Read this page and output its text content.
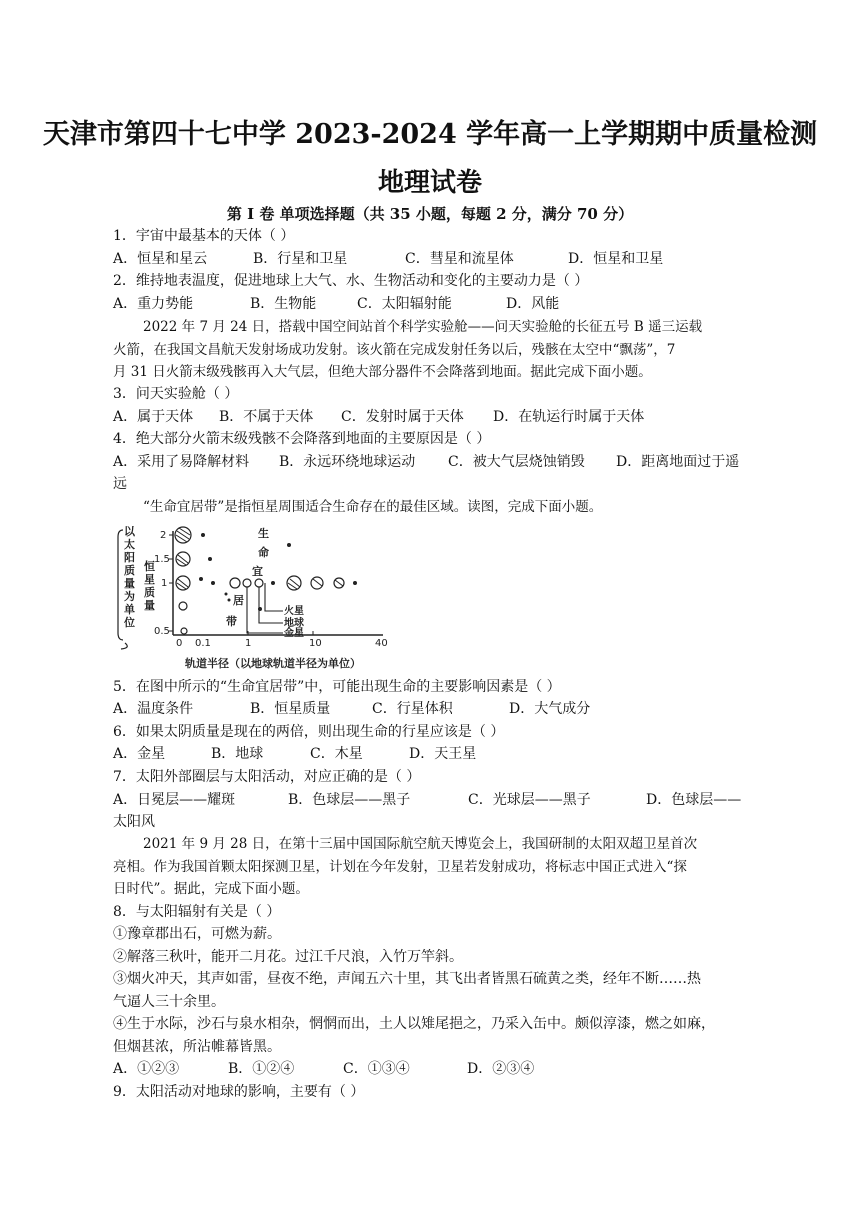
天津市第四十七中学 2023-2024 学年高一上学期期中质量检测
地理试卷
第 I 卷 单项选择题（共 35 小题，每题 2 分，满分 70 分）
1．宇宙中最基本的天体（ ）
A．恒星和星云	B．行星和卫星	C．彗星和流星体	D．恒星和卫星
2．维持地表温度，促进地球上大气、水、生物活动和变化的主要动力是（ ）
A．重力势能	B．生物能	C．太阳辐射能	D．风能
2022 年 7 月 24 日，搭载中国空间站首个科学实验舱——问天实验舱的长征五号 B 遥三运载
火箭，在我国文昌航天发射场成功发射。该火箭在完成发射任务以后，残骸在太空中“飘荡”，7
月 31 日火箭末级残骸再入大气层，但绝大部分器件不会降落到地面。据此完成下面小题。
3．问天实验舱（ ）
A．属于天体 B．不属于天体 C．发射时属于天体 D．在轨运行时属于天体
4．绝大部分火箭末级残骸不会降落到地面的主要原因是（ ）
A．采用了易降解材料 B．永远环绕地球运动 C．被大气层烧蚀销毁 D．距离地面过于遥
远
“生命宜居带”是指恒星周围适合生命存在的最佳区域。读图，完成下面小题。
以
太
阳
质
量
为
单
位
恒
星
质
量
2
1.5
1
0.5
0 0.1	1	10	40
火星
地球
金星
生
命
宜
居
带
轨道半径（以地球轨道半径为单位）
5．在图中所示的“生命宜居带”中，可能出现生命的主要影响因素是（ ）
A．温度条件	B．恒星质量	C．行星体积	D．大气成分
6．如果太阴质量是现在的两倍，则出现生命的行星应该是（ ）
A．金星	B．地球	C．木星	D．天王星
7．太阳外部圈层与太阳活动，对应正确的是（ ）
A．日冕层——耀斑	B．色球层——黑子	C．光球层——黑子	D．色球层——
太阳风
2021 年 9 月 28 日，在第十三届中国国际航空航天博览会上，我国研制的太阳双超卫星首次
亮相。作为我国首颗太阳探测卫星，计划在今年发射，卫星若发射成功，将标志中国正式进入“探
日时代”。据此，完成下面小题。
8．与太阳辐射有关是（ ）
①豫章郡出石，可燃为薪。
②解落三秋叶，能开二月花。过江千尺浪，入竹万竿斜。
③烟火冲天，其声如雷，昼夜不绝，声闻五六十里，其飞出者皆黑石硫黄之类，经年不断……热
气逼人三十余里。
④生于水际，沙石与泉水相杂，惘惘而出，土人以雉尾挹之，乃采入缶中。颇似淳漆，燃之如麻，
但烟甚浓，所沾帷幕皆黑。
A．①②③	B．①②④	C．①③④	D．②③④
9．太阳活动对地球的影响，主要有（ ）
